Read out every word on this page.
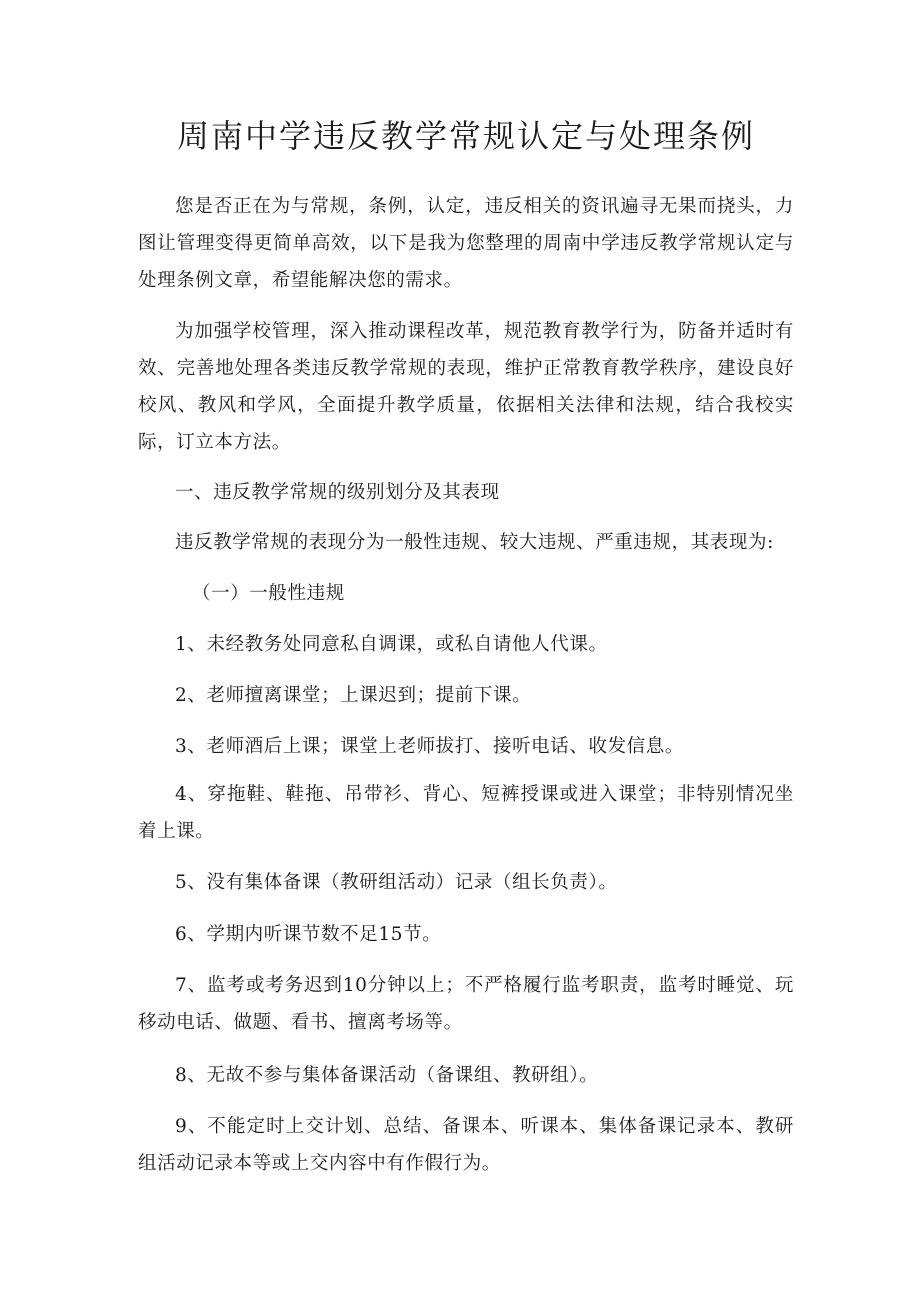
周南中学违反教学常规认定与处理条例

您是否正在为与常规，条例，认定，违反相关的资讯遍寻无果而挠头，力图让管理变得更简单高效，以下是我为您整理的周南中学违反教学常规认定与处理条例文章，希望能解决您的需求。

为加强学校管理，深入推动课程改革，规范教育教学行为，防备并适时有效、完善地处理各类违反教学常规的表现，维护正常教育教学秩序，建设良好校风、教风和学风，全面提升教学质量，依据相关法律和法规，结合我校实际，订立本方法。

一、违反教学常规的级别划分及其表现

违反教学常规的表现分为一般性违规、较大违规、严重违规，其表现为:

（一）一般性违规

1、未经教务处同意私自调课，或私自请他人代课。

2、老师擅离课堂；上课迟到；提前下课。

3、老师酒后上课；课堂上老师拔打、接听电话、收发信息。

4、穿拖鞋、鞋拖、吊带衫、背心、短裤授课或进入课堂；非特别情况坐着上课。

5、没有集体备课（教研组活动）记录（组长负责）。

6、学期内听课节数不足15节。

7、监考或考务迟到10分钟以上；不严格履行监考职责，监考时睡觉、玩移动电话、做题、看书、擅离考场等。

8、无故不参与集体备课活动（备课组、教研组）。

9、不能定时上交计划、总结、备课本、听课本、集体备课记录本、教研组活动记录本等或上交内容中有作假行为。
